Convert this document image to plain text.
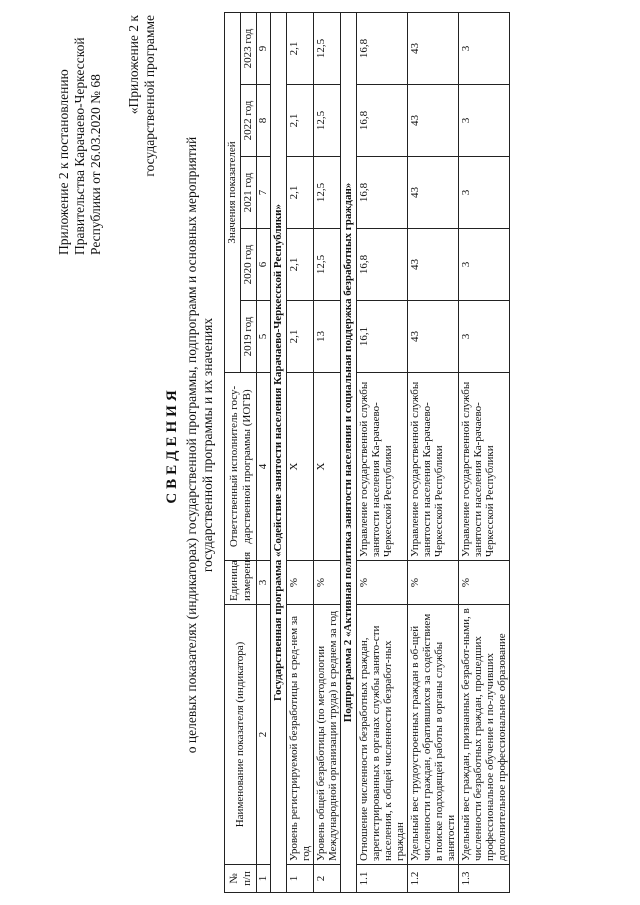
Приложение 2 к постановлению Правительства Карачаево-Черкесской Республики от 26.03.2020 № 68
«Приложение 2 к государственной программе
СВЕДЕНИЯ о целевых показателях (индикаторах) государственной программы, подпрограмм и основных мероприятий государственной программы и их значениях
№ п/п	Наименование показателя (индикатора)	Единица измерения	Ответственный исполнитель госу-дарственной программы (ИОГВ)	Значения показателей				
				2019 год	2020 год	2021 год	2022 год	2023 год
1	2	3	4	5	6	7	8	9
Государственная программа «Содействие занятости населения Карачаево-Черкесской Республики»								
1	Уровень регистрируемой безработицы в сред-нем за год	%	Х	2,1	2,1	2,1	2,1	2,1
2	Уровень общей безработицы (по методологии Международной организации труда) в среднем за год	%	Х	13	12,5	12,5	12,5	12,5
Подпрограмма 2 «Активная политика занятости населения и социальная поддержка безработных граждан»								
1.1	Отношение численности безработных граждан, зарегистрированных в органах службы занято-сти населения, к общей численности безработ-ных граждан	%	Управление государственной службы занятости населения Ка-рачаево-Черкесской Республики	16,1	16,8	16,8	16,8	16,8
1.2	Удельный вес трудоустроенных граждан в об-щей численности граждан, обратившихся за содействием в поиске подходящей работы в органы службы занятости	%	Управление государственной службы занятости населения Ка-рачаево-Черкесской Республики	43	43	43	43	43
1.3	Удельный вес граждан, признанных безработ-ными, в численности безработных граждан, прошедших профессиональное обучение и по-лучивших дополнительное профессиональное образование	%	Управление государственной службы занятости населения Ка-рачаево-Черкесской Республики	3	3	3	3	3
